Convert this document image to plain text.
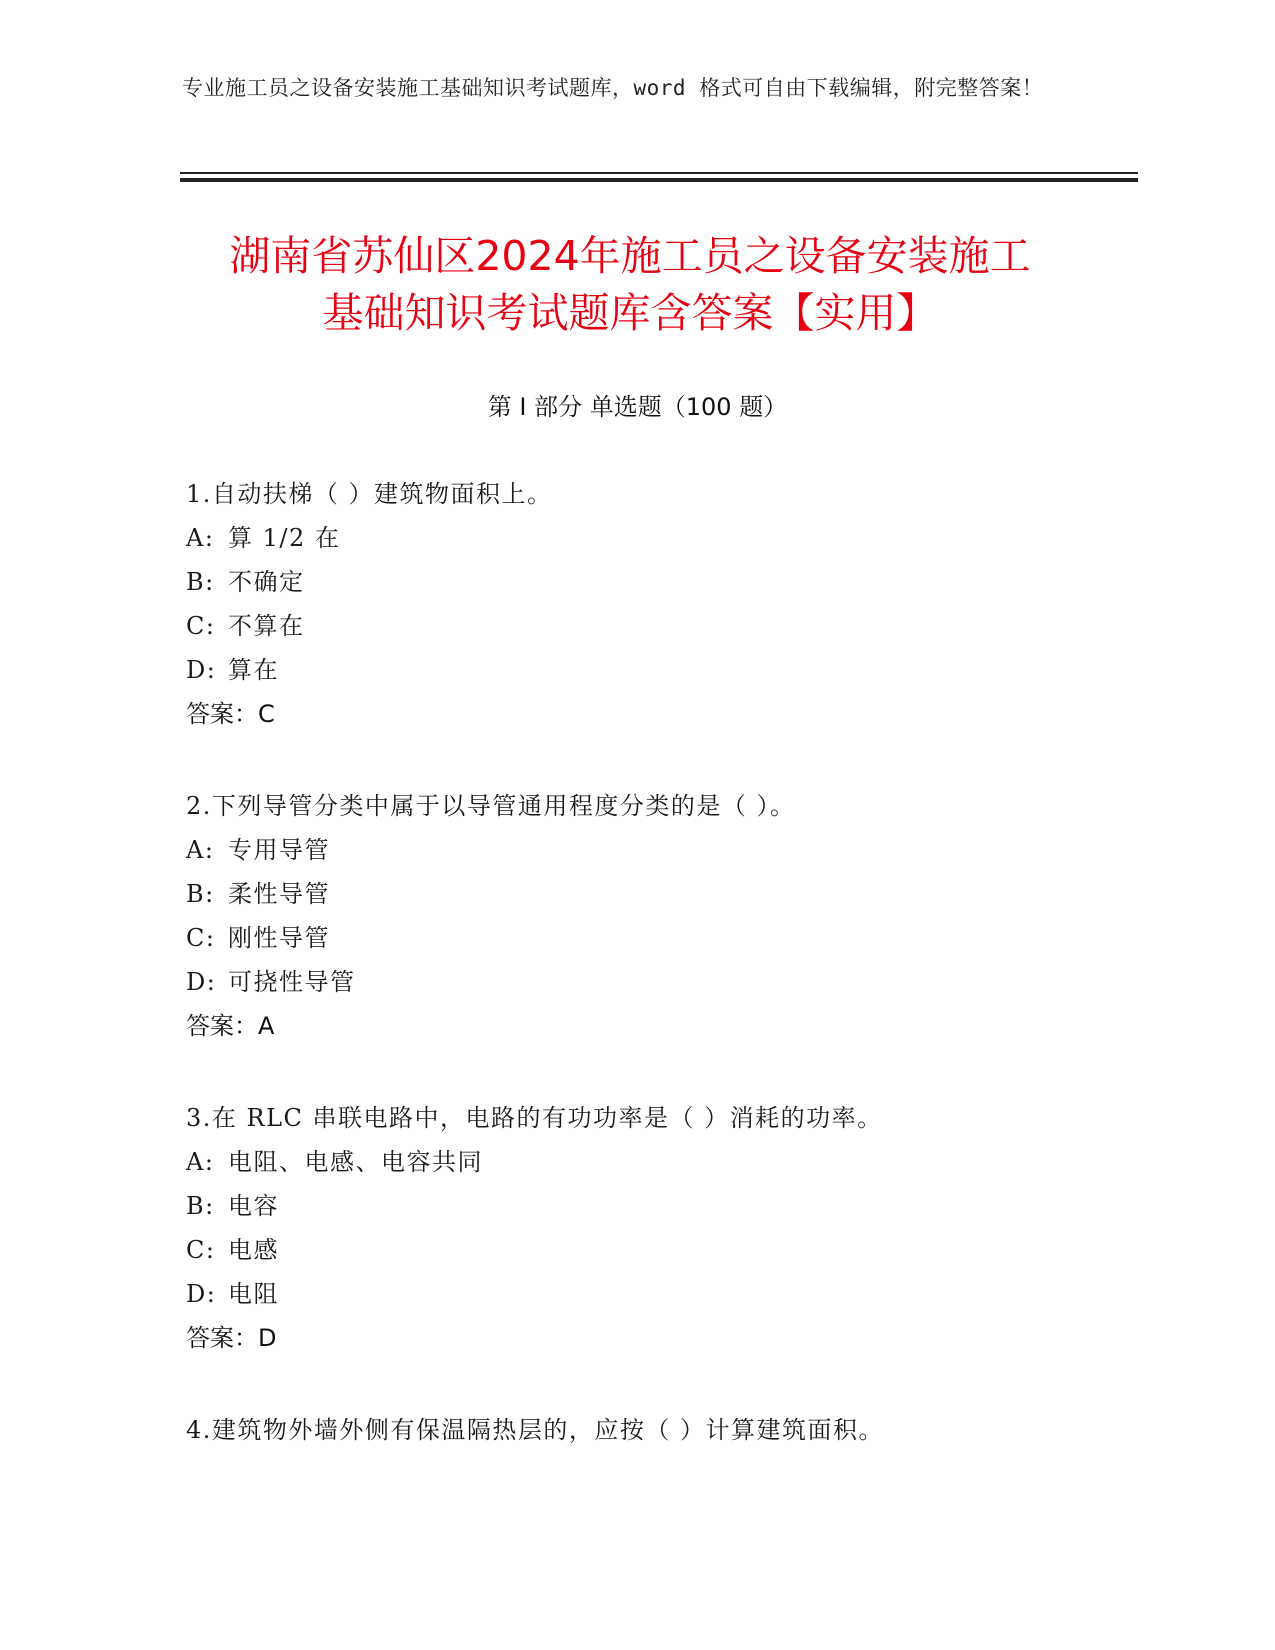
专业施工员之设备安装施工基础知识考试题库，word 格式可自由下载编辑，附完整答案！
湖南省苏仙区2024年施工员之设备安装施工
基础知识考试题库含答案【实用】
第 I 部分 单选题（100 题）
1.自动扶梯（ ）建筑物面积上。
A: 算 1/2 在
B: 不确定
C: 不算在
D: 算在
答案：C
2.下列导管分类中属于以导管通用程度分类的是（ ）。
A: 专用导管
B: 柔性导管
C: 刚性导管
D: 可挠性导管
答案：A
3.在 RLC 串联电路中，电路的有功功率是（ ）消耗的功率。
A: 电阻、电感、电容共同
B: 电容
C: 电感
D: 电阻
答案：D
4.建筑物外墙外侧有保温隔热层的，应按（ ）计算建筑面积。
